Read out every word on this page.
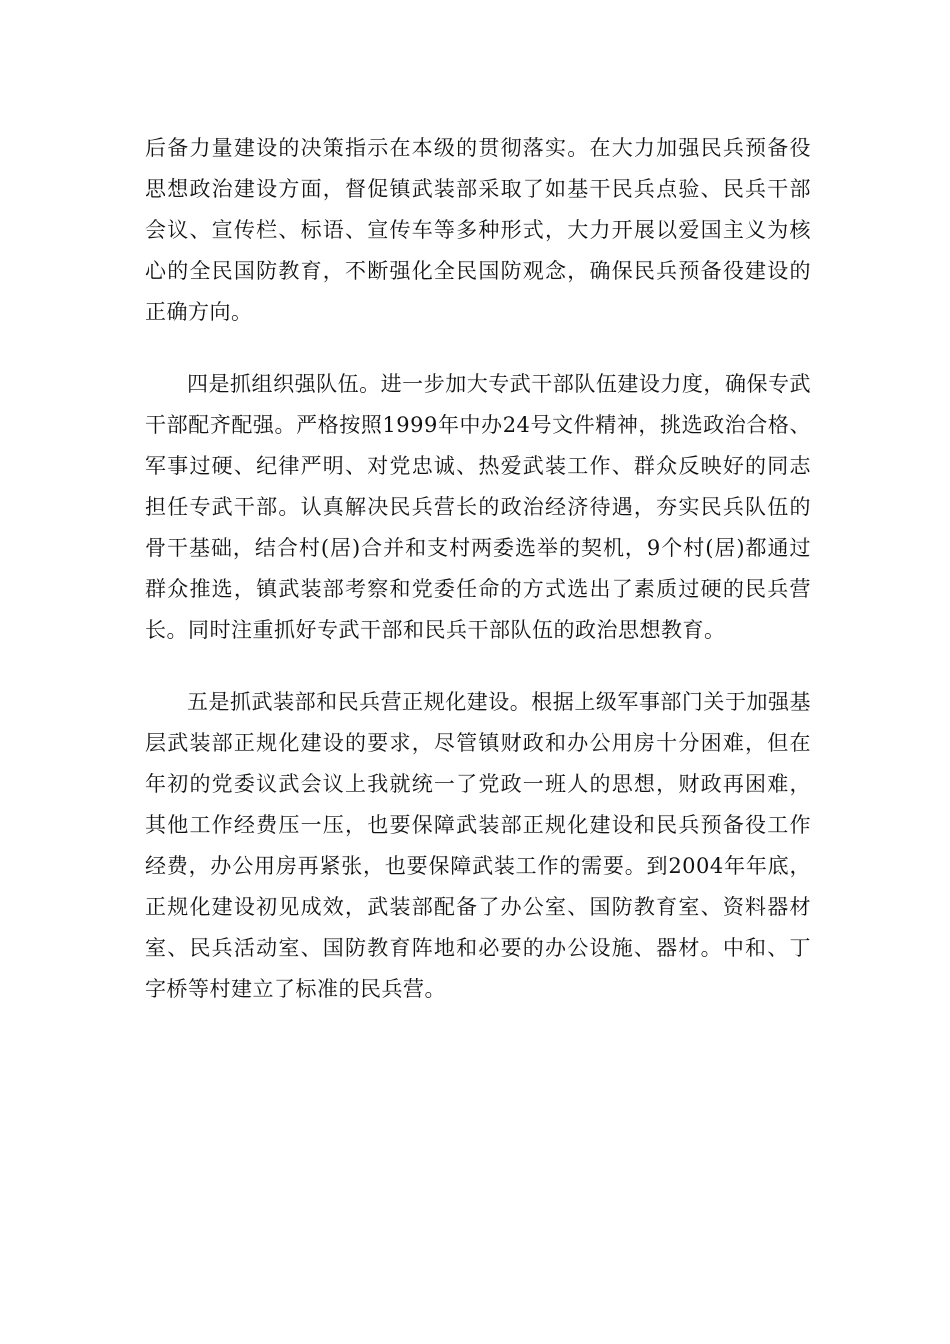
后备力量建设的决策指示在本级的贯彻落实。在大力加强民兵预备役思想政治建设方面，督促镇武装部采取了如基干民兵点验、民兵干部会议、宣传栏、标语、宣传车等多种形式，大力开展以爱国主义为核心的全民国防教育，不断强化全民国防观念，确保民兵预备役建设的正确方向。

四是抓组织强队伍。进一步加大专武干部队伍建设力度，确保专武干部配齐配强。严格按照1999年中办24号文件精神，挑选政治合格、军事过硬、纪律严明、对党忠诚、热爱武装工作、群众反映好的同志担任专武干部。认真解决民兵营长的政治经济待遇，夯实民兵队伍的骨干基础，结合村(居)合并和支村两委选举的契机，9个村(居)都通过群众推选，镇武装部考察和党委任命的方式选出了素质过硬的民兵营长。同时注重抓好专武干部和民兵干部队伍的政治思想教育。

五是抓武装部和民兵营正规化建设。根据上级军事部门关于加强基层武装部正规化建设的要求，尽管镇财政和办公用房十分困难，但在年初的党委议武会议上我就统一了党政一班人的思想，财政再困难，其他工作经费压一压，也要保障武装部正规化建设和民兵预备役工作经费，办公用房再紧张，也要保障武装工作的需要。到2004年年底，正规化建设初见成效，武装部配备了办公室、国防教育室、资料器材室、民兵活动室、国防教育阵地和必要的办公设施、器材。中和、丁字桥等村建立了标准的民兵营。
